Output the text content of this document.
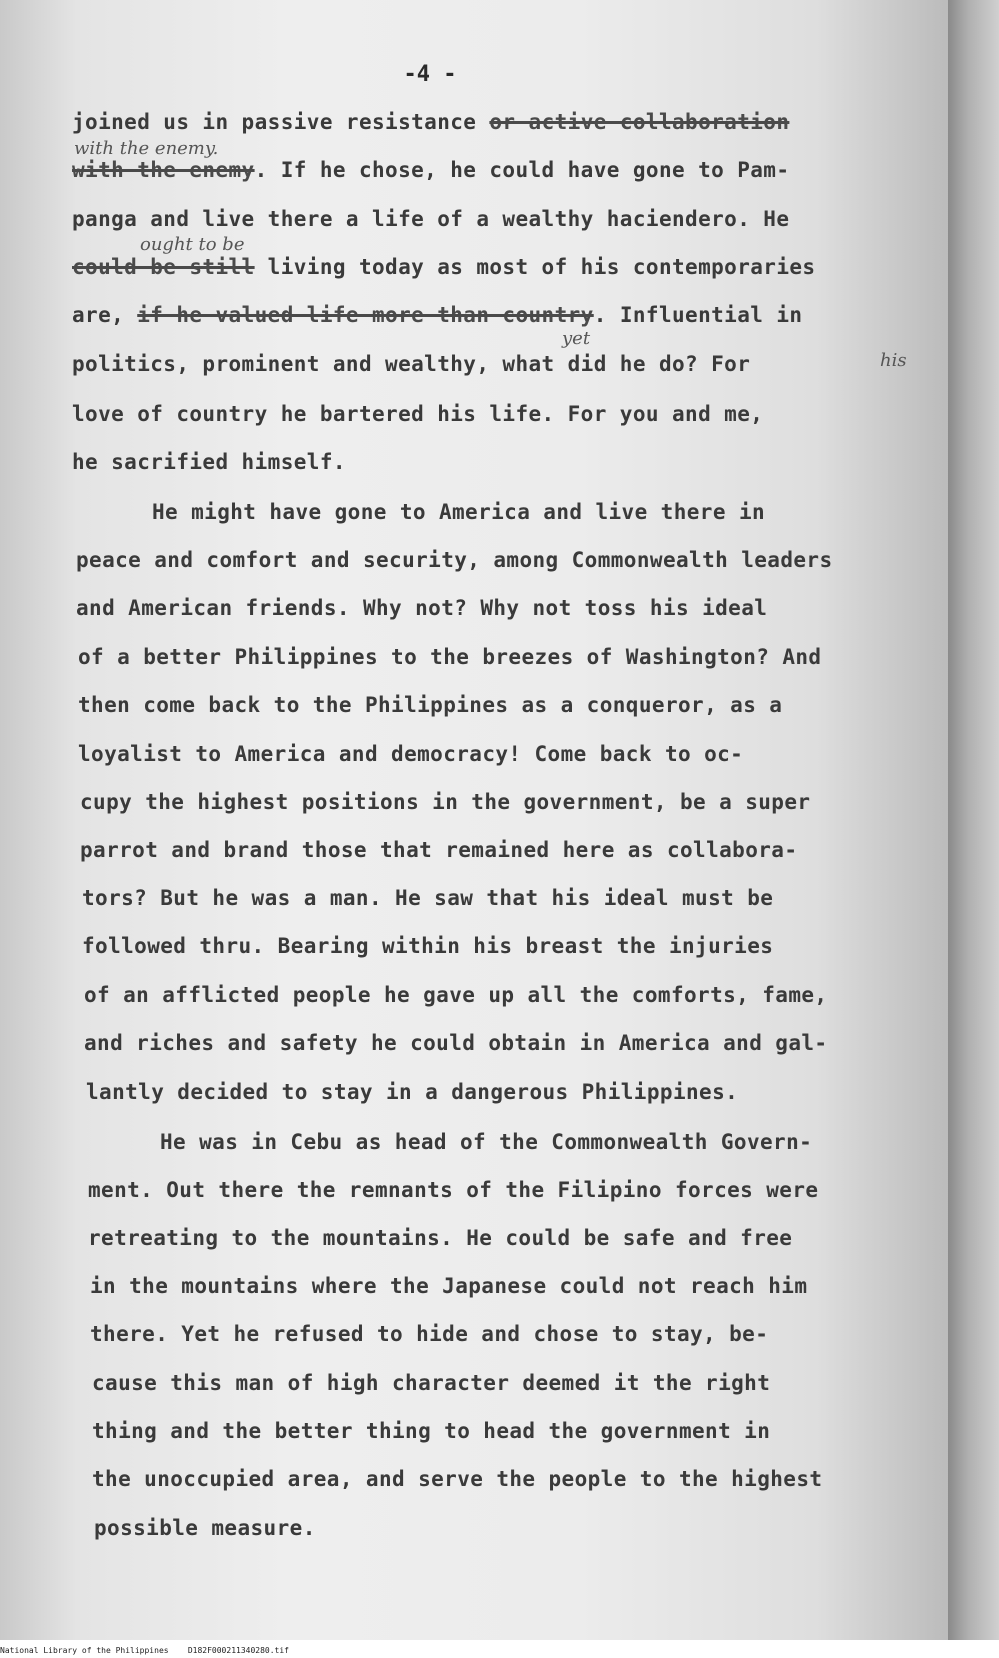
-4 -
joined us in passive resistance or active collaboration
with the enemy.
with the enemy. If he chose, he could have gone to Pam-
panga and live there a life of a wealthy haciendero. He
ought to be
could be still living today as most of his contemporaries
are, if he valued life more than country. Influential in
yet
politics, prominent and wealthy, what did he do? For	his
love of country he bartered his life. For you and me,
he sacrified himself.
He might have gone to America and live there in
peace and comfort and security, among Commonwealth leaders
and American friends. Why not? Why not toss his ideal
of a better Philippines to the breezes of Washington? And
then come back to the Philippines as a conqueror, as a
loyalist to America and democracy! Come back to oc-
cupy the highest positions in the government, be a super
parrot and brand those that remained here as collabora-
tors? But he was a man. He saw that his ideal must be
followed thru. Bearing within his breast the injuries
of an afflicted people he gave up all the comforts, fame,
and riches and safety he could obtain in America and gal-
lantly decided to stay in a dangerous Philippines.
He was in Cebu as head of the Commonwealth Govern-
ment. Out there the remnants of the Filipino forces were
retreating to the mountains. He could be safe and free
in the mountains where the Japanese could not reach him
there. Yet he refused to hide and chose to stay, be-
cause this man of high character deemed it the right
thing and the better thing to head the government in
the unoccupied area, and serve the people to the highest
possible measure.
National Library of the Philippines    D182F000211340280.tif
